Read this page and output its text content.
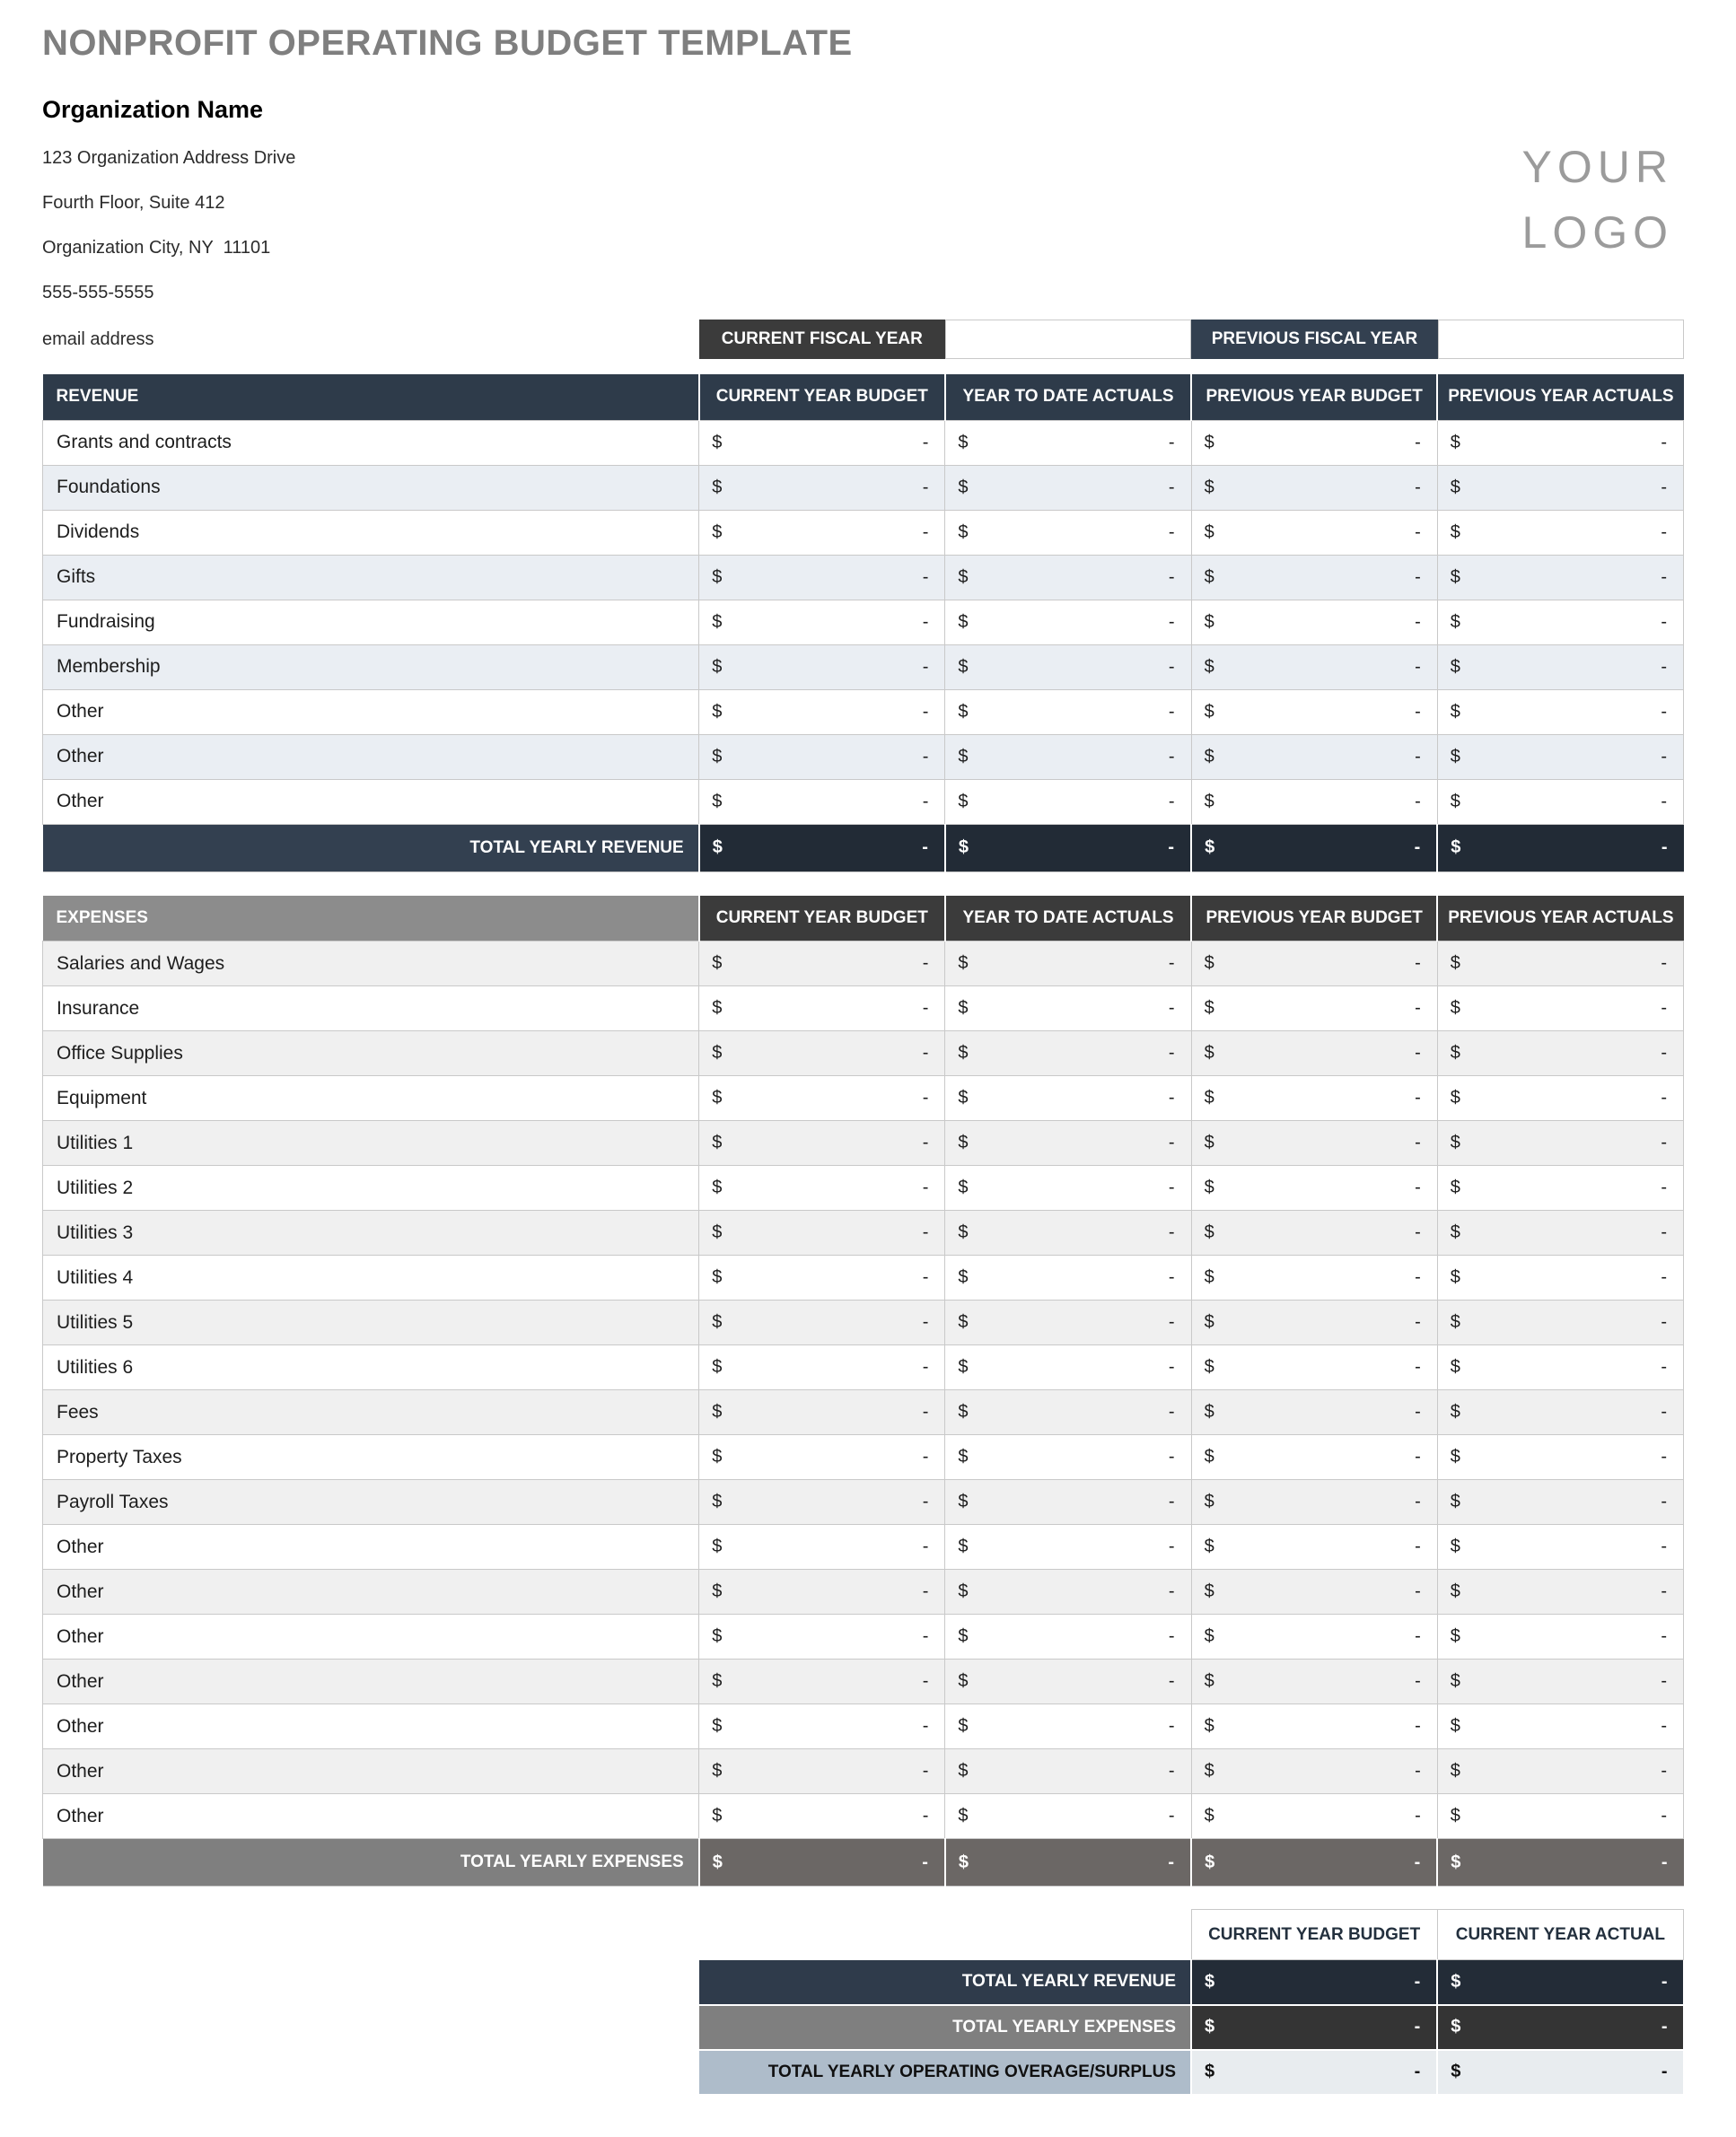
NONPROFIT OPERATING BUDGET TEMPLATE
YOUR
LOGO
Organization Name
123 Organization Address Drive
Fourth Floor, Suite 412
Organization City, NY  11101
555-555-5555
email address	CURRENT FISCAL YEAR	PREVIOUS FISCAL YEAR
REVENUE	CURRENT YEAR BUDGET	YEAR TO DATE ACTUALS	PREVIOUS YEAR BUDGET	PREVIOUS YEAR ACTUALS
Grants and contracts	$ -	$ -	$ -	$ -

Foundations	$ -	$ -	$ -	$ -

Dividends	$ -	$ -	$ -	$ -

Gifts	$ -	$ -	$ -	$ -

Fundraising	$ -	$ -	$ -	$ -

Membership	$ -	$ -	$ -	$ -

Other	$ -	$ -	$ -	$ -

Other	$ -	$ -	$ -	$ -

Other	$ -	$ -	$ -	$ -

TOTAL YEARLY REVENUE	$ -	$ -	$ -	$ -
EXPENSES	CURRENT YEAR BUDGET	YEAR TO DATE ACTUALS	PREVIOUS YEAR BUDGET	PREVIOUS YEAR ACTUALS
Salaries and Wages	$ -	$ -	$ -	$ -

Insurance	$ -	$ -	$ -	$ -

Office Supplies	$ -	$ -	$ -	$ -

Equipment	$ -	$ -	$ -	$ -

Utilities 1	$ -	$ -	$ -	$ -

Utilities 2	$ -	$ -	$ -	$ -

Utilities 3	$ -	$ -	$ -	$ -

Utilities 4	$ -	$ -	$ -	$ -

Utilities 5	$ -	$ -	$ -	$ -

Utilities 6	$ -	$ -	$ -	$ -

Fees	$ -	$ -	$ -	$ -

Property Taxes	$ -	$ -	$ -	$ -

Payroll Taxes	$ -	$ -	$ -	$ -

Other	$ -	$ -	$ -	$ -

Other	$ -	$ -	$ -	$ -

Other	$ -	$ -	$ -	$ -

Other	$ -	$ -	$ -	$ -

Other	$ -	$ -	$ -	$ -

Other	$ -	$ -	$ -	$ -

Other	$ -	$ -	$ -	$ -

TOTAL YEARLY EXPENSES	$ -	$ -	$ -	$ -
	CURRENT YEAR BUDGET	CURRENT YEAR ACTUAL
TOTAL YEARLY REVENUE	$ -	$ -

TOTAL YEARLY EXPENSES	$ -	$ -

TOTAL YEARLY OPERATING OVERAGE/SURPLUS	$ -	$ -
